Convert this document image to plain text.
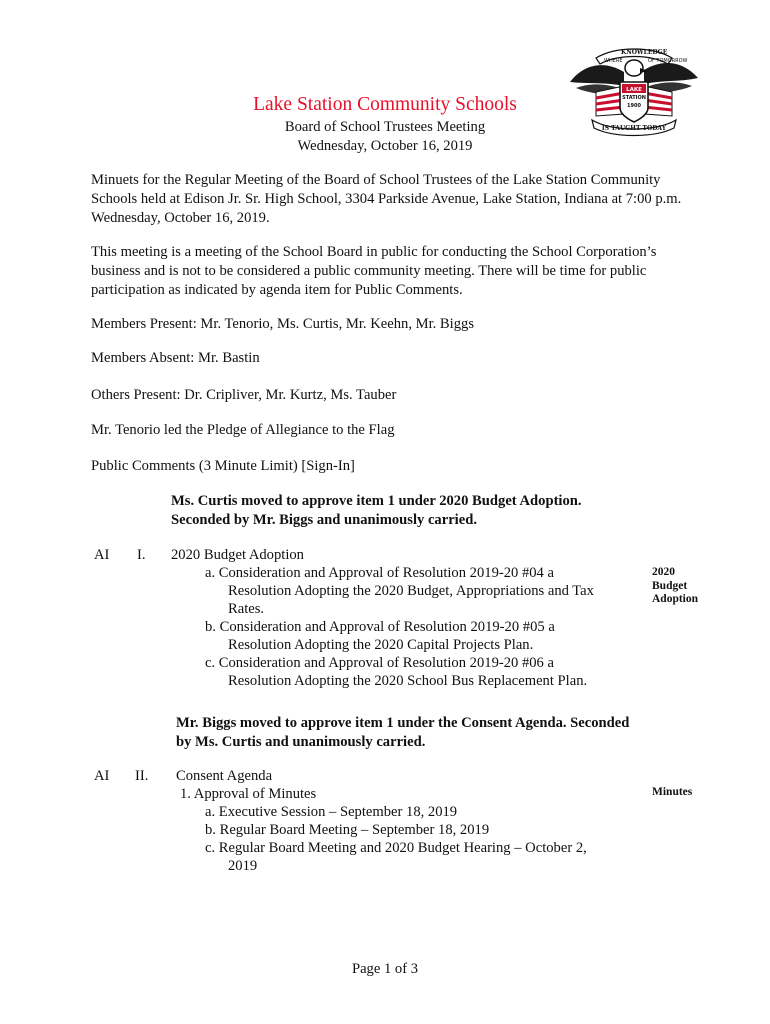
WHERE
KNOWLEDGE
OF TOMORROW
LAKE
STATION
1900
IS TAUGHT TODAY
Lake Station Community Schools
Board of School Trustees Meeting
Wednesday, October 16, 2019
Minuets for the Regular Meeting of the Board of School Trustees of the Lake Station Community
Schools held at Edison Jr. Sr. High School, 3304 Parkside Avenue, Lake Station, Indiana at 7:00 p.m.
Wednesday, October 16, 2019.
This meeting is a meeting of the School Board in public for conducting the School Corporation’s
business and is not to be considered a public community meeting. There will be time for public
participation as indicated by agenda item for Public Comments.
Members Present: Mr. Tenorio, Ms. Curtis, Mr. Keehn, Mr. Biggs
Members Absent: Mr. Bastin
Others Present: Dr. Cripliver, Mr. Kurtz, Ms. Tauber
Mr. Tenorio led the Pledge of Allegiance to the Flag
Public Comments (3 Minute Limit) [Sign-In]
Ms. Curtis moved to approve item 1 under 2020 Budget Adoption.
Seconded by Mr. Biggs and unanimously carried.
AI I. 2020 Budget Adoption
a. Consideration and Approval of Resolution 2019-20 #04 a
Resolution Adopting the 2020 Budget, Appropriations and Tax
Rates.
b. Consideration and Approval of Resolution 2019-20 #05 a
Resolution Adopting the 2020 Capital Projects Plan.
c. Consideration and Approval of Resolution 2019-20 #06 a
Resolution Adopting the 2020 School Bus Replacement Plan.
2020
Budget
Adoption
Mr. Biggs moved to approve item 1 under the Consent Agenda. Seconded
by Ms. Curtis and unanimously carried.
AI II. Consent Agenda
1. Approval of Minutes
a. Executive Session – September 18, 2019
b. Regular Board Meeting – September 18, 2019
c. Regular Board Meeting and 2020 Budget Hearing – October 2,
2019
Minutes
Page 1 of 3
